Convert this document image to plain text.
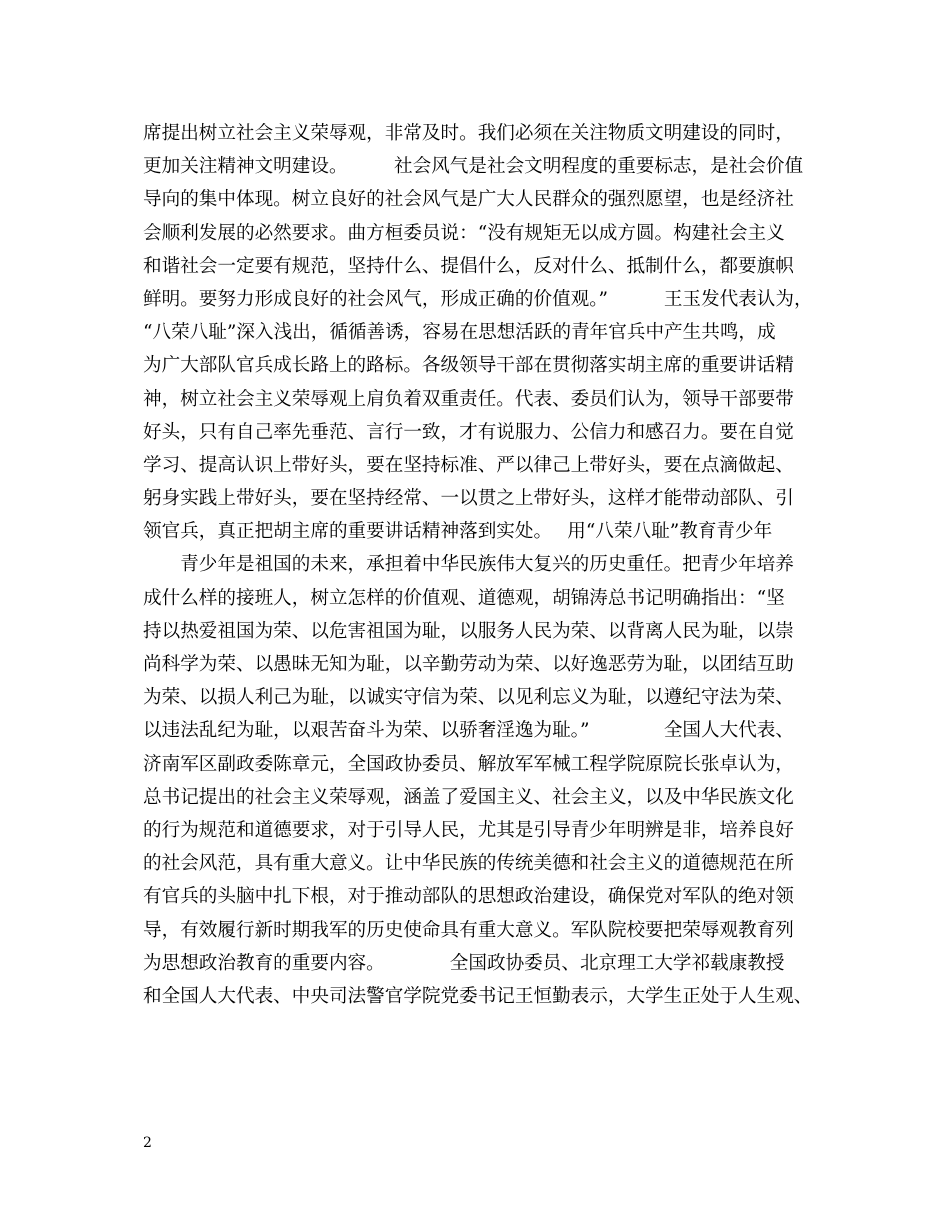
席提出树立社会主义荣辱观，非常及时。我们必须在关注物质文明建设的同时，
更加关注精神文明建设。　　　社会风气是社会文明程度的重要标志，是社会价值
导向的集中体现。树立良好的社会风气是广大人民群众的强烈愿望，也是经济社
会顺利发展的必然要求。曲方桓委员说：“没有规矩无以成方圆。构建社会主义
和谐社会一定要有规范，坚持什么、提倡什么，反对什么、抵制什么，都要旗帜
鲜明。要努力形成良好的社会风气，形成正确的价值观。”　　　王玉发代表认为，
“八荣八耻”深入浅出，循循善诱，容易在思想活跃的青年官兵中产生共鸣，成
为广大部队官兵成长路上的路标。各级领导干部在贯彻落实胡主席的重要讲话精
神，树立社会主义荣辱观上肩负着双重责任。代表、委员们认为，领导干部要带
好头，只有自己率先垂范、言行一致，才有说服力、公信力和感召力。要在自觉
学习、提高认识上带好头，要在坚持标准、严以律己上带好头，要在点滴做起、
躬身实践上带好头，要在坚持经常、一以贯之上带好头，这样才能带动部队、引
领官兵，真正把胡主席的重要讲话精神落到实处。　 用“八荣八耻”教育青少年
　　青少年是祖国的未来，承担着中华民族伟大复兴的历史重任。把青少年培养
成什么样的接班人，树立怎样的价值观、道德观，胡锦涛总书记明确指出：“坚
持以热爱祖国为荣、以危害祖国为耻，以服务人民为荣、以背离人民为耻，以崇
尚科学为荣、以愚昧无知为耻，以辛勤劳动为荣、以好逸恶劳为耻，以团结互助
为荣、以损人利己为耻，以诚实守信为荣、以见利忘义为耻，以遵纪守法为荣、
以违法乱纪为耻，以艰苦奋斗为荣、以骄奢淫逸为耻。”　　　　全国人大代表、
济南军区副政委陈章元，全国政协委员、解放军军械工程学院原院长张卓认为，
总书记提出的社会主义荣辱观，涵盖了爱国主义、社会主义，以及中华民族文化
的行为规范和道德要求，对于引导人民，尤其是引导青少年明辨是非，培养良好
的社会风范，具有重大意义。让中华民族的传统美德和社会主义的道德规范在所
有官兵的头脑中扎下根，对于推动部队的思想政治建设，确保党对军队的绝对领
导，有效履行新时期我军的历史使命具有重大意义。军队院校要把荣辱观教育列
为思想政治教育的重要内容。　　　　全国政协委员、北京理工大学祁载康教授
和全国人大代表、中央司法警官学院党委书记王恒勤表示，大学生正处于人生观、
2
